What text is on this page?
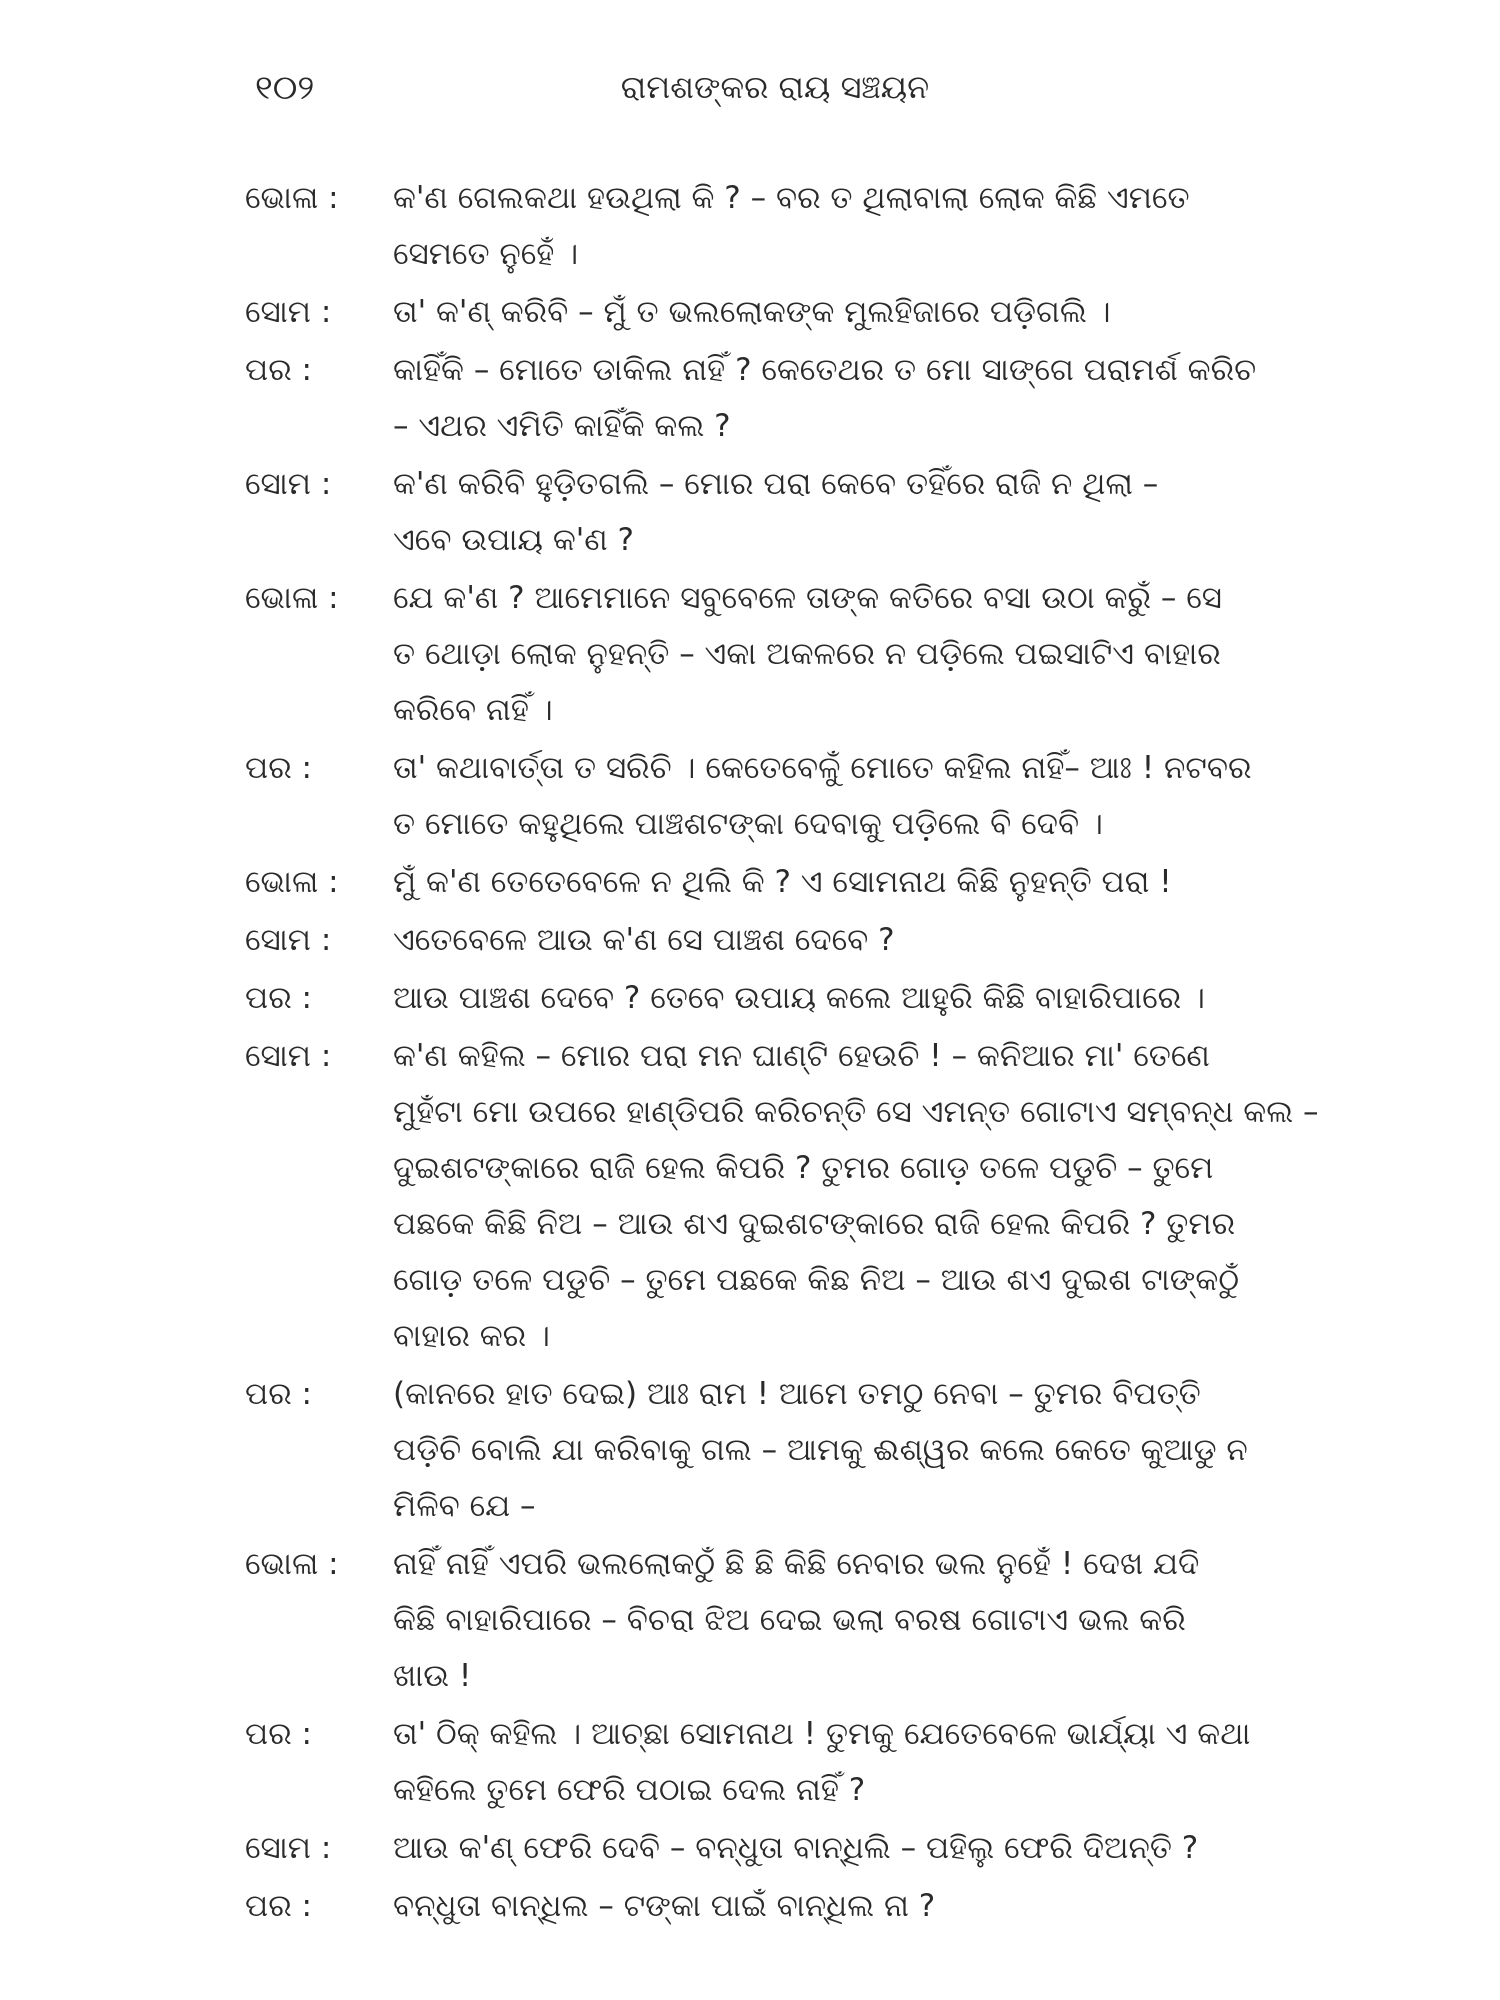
୧୦୨	ରାମଶଙ୍କର ରାୟ ସଞ୍ଚୟନ
ଭୋଳା :	କ'ଣ ଗେଲକଥା ହଉଥିଲା କି ? – ବର ତ ଥିଲାବାଲା ଲୋକ କିଛି ଏମତେ
ସେମତେ ନୁହେଁ ।
ସୋମ :	ତା' କ'ଣ୍ କରିବି – ମୁଁ ତ ଭଲଲୋକଙ୍କ ମୁଲହିଜାରେ ପଡ଼ିଗଲି ।
ପର :	କାହିଁକି – ମୋତେ ଡାକିଲ ନାହିଁ ? କେତେଥର ତ ମୋ ସାଙ୍ଗେ ପରାମର୍ଶ କରିଚ
– ଏଥର ଏମିତି କାହିଁକି କଲ ?
ସୋମ :	କ'ଣ କରିବି ହୁଡ଼ିତଗଲି – ମୋର ପରା କେବେ ତହିଁରେ ରାଜି ନ ଥିଲା –
ଏବେ ଉପାୟ କ'ଣ ?
ଭୋଳା :	ଯେ କ'ଣ ? ଆମେମାନେ ସବୁବେଳେ ତାଙ୍କ କତିରେ ବସା ଉଠା କରୁଁ – ସେ
ତ ଥୋଡ଼ା ଲୋକ ନୁହନ୍ତି – ଏକା ଅକଳରେ ନ ପଡ଼ିଲେ ପଇସାଟିଏ ବାହାର
କରିବେ ନାହିଁ ।
ପର :	ତା' କଥାବାର୍ତ୍ତା ତ ସରିଚି । କେତେବେଳୁଁ ମୋତେ କହିଲ ନାହିଁ– ଆଃ ! ନଟବର
ତ ମୋତେ କହୁଥିଲେ ପାଞ୍ଚଶଟଙ୍କା ଦେବାକୁ ପଡ଼ିଲେ ବି ଦେବି ।
ଭୋଳା :	ମୁଁ କ'ଣ ତେତେବେଳେ ନ ଥିଲି କି ? ଏ ସୋମନାଥ କିଛି ନୁହନ୍ତି ପରା !
ସୋମ :	ଏତେବେଳେ ଆଉ କ'ଣ ସେ ପାଞ୍ଚଶ ଦେବେ ?
ପର :	ଆଉ ପାଞ୍ଚଶ ଦେବେ ? ତେବେ ଉପାୟ କଲେ ଆହୁରି କିଛି ବାହାରିପାରେ ।
ସୋମ :	କ'ଣ କହିଲ – ମୋର ପରା ମନ ଘାଣ୍ଟି ହେଉଚି ! – କନିଆର ମା' ତେଣେ
ମୁହଁଟା ମୋ ଉପରେ ହାଣ୍ଡିପରି କରିଚନ୍ତି ସେ ଏମନ୍ତ ଗୋଟାଏ ସମ୍ବନ୍ଧ କଲ –
ଦୁଇଶଟଙ୍କାରେ ରାଜି ହେଲ କିପରି ? ତୁମର ଗୋଡ଼ ତଳେ ପଡୁଚି – ତୁମେ
ପଛକେ କିଛି ନିଅ – ଆଉ ଶଏ ଦୁଇଶଟଙ୍କାରେ ରାଜି ହେଲ କିପରି ? ତୁମର
ଗୋଡ଼ ତଳେ ପଡୁଚି – ତୁମେ ପଛକେ କିଛ ନିଅ – ଆଉ ଶଏ ଦୁଇଶ ଟାଙ୍କଠୁଁ
ବାହାର କର ।
ପର :	(କାନରେ ହାତ ଦେଇ) ଆଃ ରାମ ! ଆମେ ତମଠୁ ନେବା – ତୁମର ବିପତ୍ତି
ପଡ଼ିଚି ବୋଲି ଯା କରିବାକୁ ଗଲ – ଆମକୁ ଈଶ୍ୱର କଲେ କେତେ କୁଆଡୁ ନ
ମିଳିବ ଯେ –
ଭୋଳା :	ନାହିଁ ନାହିଁ ଏପରି ଭଲଲୋକଠୁଁ ଛି ଛି କିଛି ନେବାର ଭଲ ନୁହେଁ ! ଦେଖ ଯଦି
କିଛି ବାହାରିପାରେ – ବିଚରା ଝିଅ ଦେଇ ଭଲା ବରଷ ଗୋଟାଏ ଭଲ କରି
ଖାଉ !
ପର :	ତା' ଠିକ୍ କହିଲ । ଆଚ୍ଛା ସୋମନାଥ ! ତୁମକୁ ଯେତେବେଳେ ଭାର୍ଯ୍ୟା ଏ କଥା
କହିଲେ ତୁମେ ଫେରି ପଠାଇ ଦେଲ ନାହିଁ ?
ସୋମ :	ଆଉ କ'ଣ୍ ଫେରି ଦେବି – ବନ୍ଧୁତା ବାନ୍ଧିଲି – ପହିଲୁ ଫେରି ଦିଅନ୍ତି ?
ପର :	ବନ୍ଧୁତା ବାନ୍ଧିଲ – ଟଙ୍କା ପାଇଁ ବାନ୍ଧିଲ ନା ?
